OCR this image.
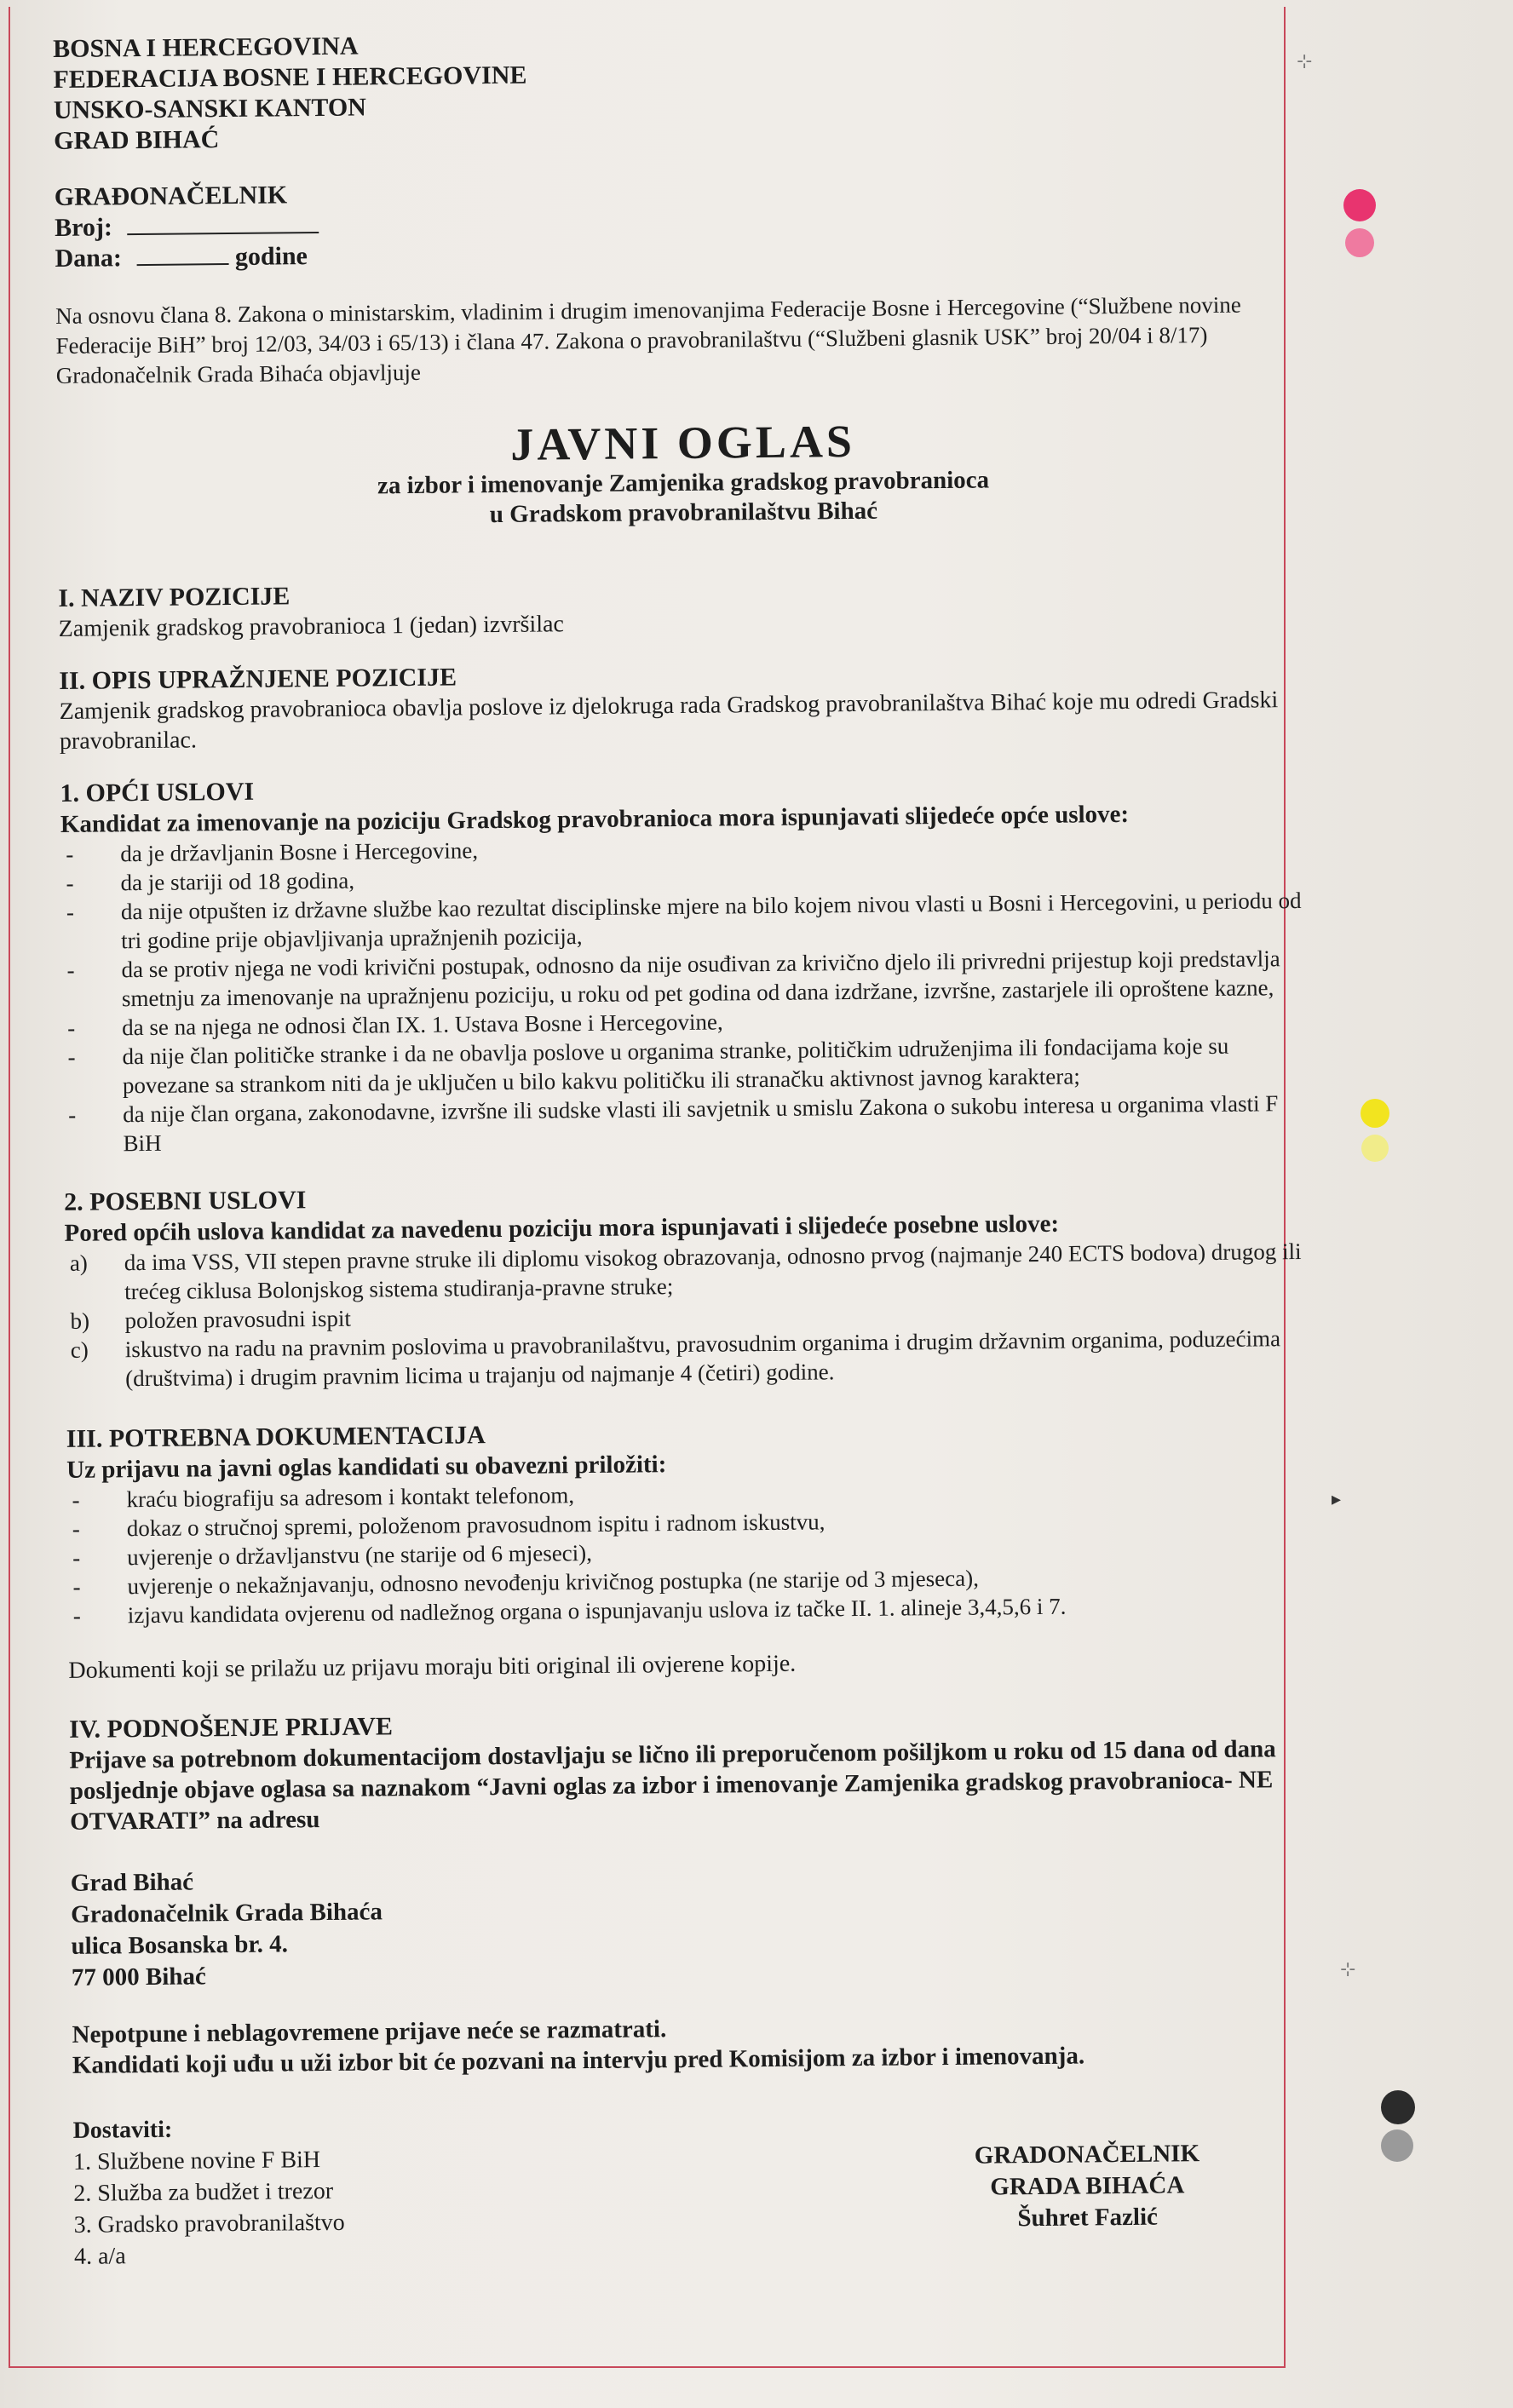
⊹
▸
⊹
BOSNA I HERCEGOVINA
FEDERACIJA BOSNE I HERCEGOVINE
UNSKO-SANSKI KANTON
GRAD BIHAĆ
GRAĐONAČELNIK
Broj:
Dana:	godine
Na osnovu člana 8. Zakona o ministarskim, vladinim i drugim imenovanjima Federacije Bosne i Hercegovine (“Službene novine Federacije BiH” broj 12/03, 34/03 i 65/13) i člana 47. Zakona o pravobranilaštvu (“Službeni glasnik USK” broj 20/04 i 8/17) Gradonačelnik Grada Bihaća objavljuje
JAVNI OGLAS
za izbor i imenovanje Zamjenika gradskog pravobranioca
u Gradskom pravobranilaštvu Bihać
I. NAZIV POZICIJE
Zamjenik gradskog pravobranioca 1 (jedan) izvršilac
II. OPIS UPRAŽNJENE POZICIJE
Zamjenik gradskog pravobranioca obavlja poslove iz djelokruga rada Gradskog pravobranilaštva Bihać koje mu odredi Gradski pravobranilac.
1. OPĆI USLOVI
Kandidat za imenovanje na poziciju Gradskog pravobranioca mora ispunjavati slijedeće opće uslove:
- da je državljanin Bosne i Hercegovine,
- da je stariji od 18 godina,
- da nije otpušten iz državne službe kao rezultat disciplinske mjere na bilo kojem nivou vlasti u Bosni i Hercegovini, u periodu od tri godine prije objavljivanja upražnjenih pozicija,
- da se protiv njega ne vodi krivični postupak, odnosno da nije osuđivan za krivično djelo ili privredni prijestup koji predstavlja smetnju za imenovanje na upražnjenu poziciju, u roku od pet godina od dana izdržane, izvršne, zastarjele ili oproštene kazne,
- da se na njega ne odnosi član IX. 1. Ustava Bosne i Hercegovine,
- da nije član političke stranke i da ne obavlja poslove u organima stranke, političkim udruženjima ili fondacijama koje su povezane sa strankom niti da je uključen u bilo kakvu političku ili stranačku aktivnost javnog karaktera;
- da nije član organa, zakonodavne, izvršne ili sudske vlasti ili savjetnik u smislu Zakona o sukobu interesa u organima vlasti F BiH
2. POSEBNI USLOVI
Pored općih uslova kandidat za navedenu poziciju mora ispunjavati i slijedeće posebne uslove:
a) da ima VSS, VII stepen pravne struke ili diplomu visokog obrazovanja, odnosno prvog (najmanje 240 ECTS bodova) drugog ili trećeg ciklusa Bolonjskog sistema studiranja-pravne struke;
b) položen pravosudni ispit
c) iskustvo na radu na pravnim poslovima u pravobranilaštvu, pravosudnim organima i drugim državnim organima, poduzećima (društvima) i drugim pravnim licima u trajanju od najmanje 4 (četiri) godine.
III. POTREBNA DOKUMENTACIJA
Uz prijavu na javni oglas kandidati su obavezni priložiti:
- kraću biografiju sa adresom i kontakt telefonom,
- dokaz o stručnoj spremi, položenom pravosudnom ispitu i radnom iskustvu,
- uvjerenje o državljanstvu (ne starije od 6 mjeseci),
- uvjerenje o nekažnjavanju, odnosno nevođenju krivičnog postupka (ne starije od 3 mjeseca),
- izjavu kandidata ovjerenu od nadležnog organa o ispunjavanju uslova iz tačke II. 1. alineje 3,4,5,6 i 7.
Dokumenti koji se prilažu uz prijavu moraju biti original ili ovjerene kopije.
IV. PODNOŠENJE PRIJAVE
Prijave sa potrebnom dokumentacijom dostavljaju se lično ili preporučenom pošiljkom u roku od 15 dana od dana posljednje objave oglasa sa naznakom “Javni oglas za izbor i imenovanje Zamjenika gradskog pravobranioca- NE OTVARATI” na adresu
Grad Bihać
Gradonačelnik Grada Bihaća
ulica Bosanska br. 4.
77 000 Bihać
Nepotpune i neblagovremene prijave neće se razmatrati.
Kandidati koji uđu u uži izbor bit će pozvani na intervju pred Komisijom za izbor i imenovanja.
Dostaviti:
1. Službene novine F BiH
2. Služba za budžet i trezor
3. Gradsko pravobranilaštvo
4. a/a
GRADONAČELNIK
GRADA BIHAĆA
Šuhret Fazlić
